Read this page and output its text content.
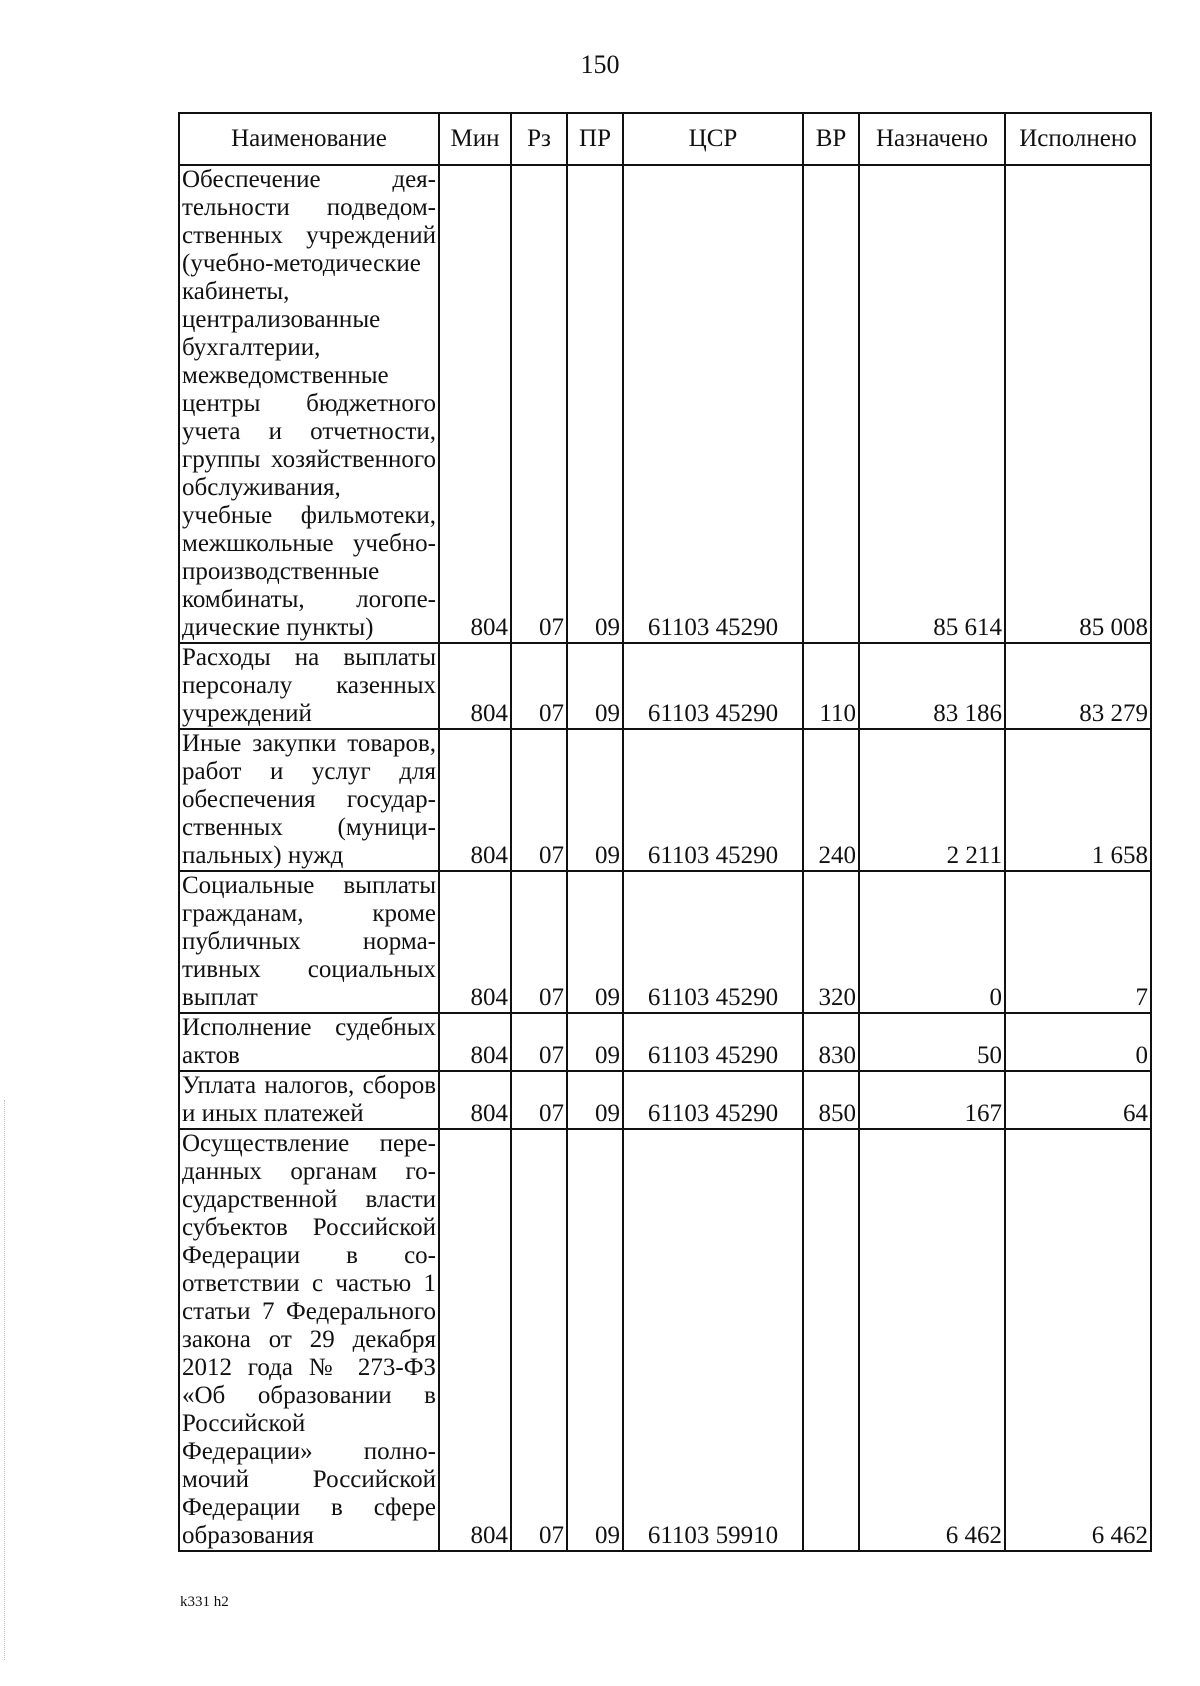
150
Наименование	Мин	Рз	ПР	ЦСР	ВР	Назначено	Исполнено
Обеспечение деятельности подведомственных учреждений (учебно-методические кабинеты, централизованные бухгалтерии, межведомственные центры бюджетного учета и отчетности, группы хозяйственного обслуживания, учебные фильмотеки, межшкольные учебно-производственные комбинаты, логопедические пункты)	804	07	09	61103 45290		85 614	85 008
Расходы на выплаты персоналу казенных учреждений	804	07	09	61103 45290	110	83 186	83 279
Иные закупки товаров, работ и услуг для обеспечения государственных (муниципальных) нужд	804	07	09	61103 45290	240	2 211	1 658
Социальные выплаты гражданам, кроме публичных нормативных социальных выплат	804	07	09	61103 45290	320	0	7
Исполнение судебных актов	804	07	09	61103 45290	830	50	0
Уплата налогов, сборов и иных платежей	804	07	09	61103 45290	850	167	64
Осуществление переданных органам государственной власти субъектов Российской Федерации в соответствии с частью 1 статьи 7 Федерального закона от 29 декабря 2012 года № 273-ФЗ «Об образовании в Российской Федерации» полномочий Российской Федерации в сфере образования	804	07	09	61103 59910		6 462	6 462
k331 h2
